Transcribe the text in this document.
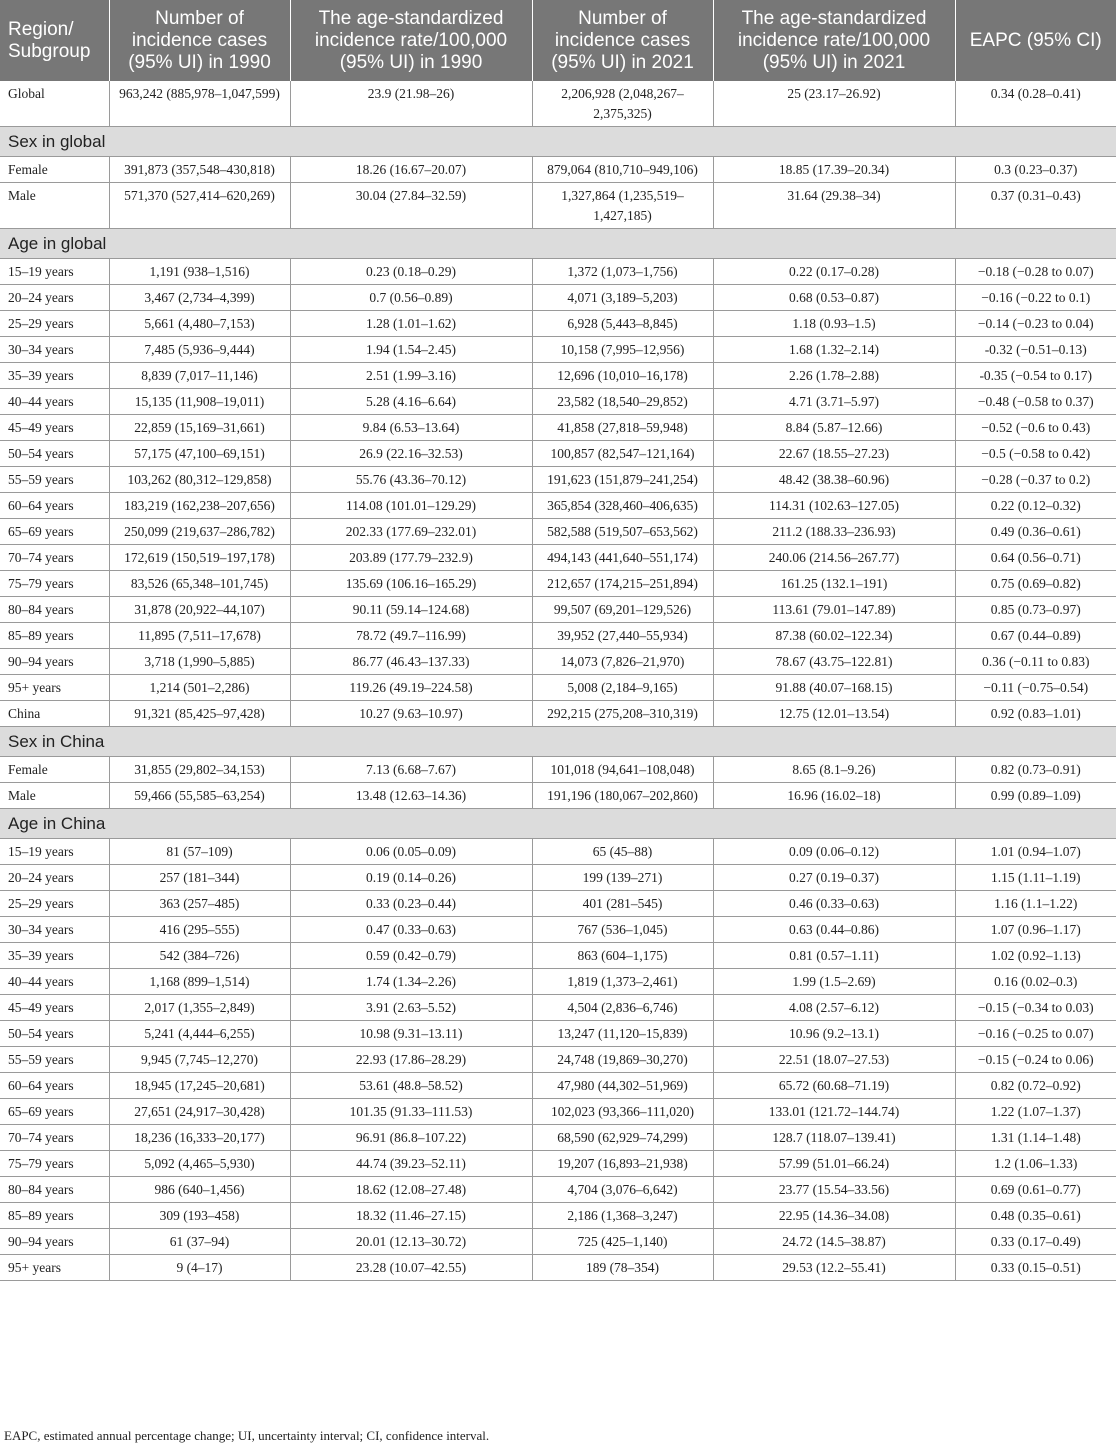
Region/ Subgroup	Number of incidence cases (95% UI) in 1990	The age-standardized incidence rate/100,000 (95% UI) in 1990	Number of incidence cases (95% UI) in 2021	The age-standardized incidence rate/100,000 (95% UI) in 2021	EAPC (95% CI)
Global	963,242 (885,978–1,047,599)	23.9 (21.98–26)	2,206,928 (2,048,267–2,375,325)	25 (23.17–26.92)	0.34 (0.28–0.41)
Sex in global					
Female	391,873 (357,548–430,818)	18.26 (16.67–20.07)	879,064 (810,710–949,106)	18.85 (17.39–20.34)	0.3 (0.23–0.37)
Male	571,370 (527,414–620,269)	30.04 (27.84–32.59)	1,327,864 (1,235,519–1,427,185)	31.64 (29.38–34)	0.37 (0.31–0.43)
Age in global					
15–19 years	1,191 (938–1,516)	0.23 (0.18–0.29)	1,372 (1,073–1,756)	0.22 (0.17–0.28)	−0.18 (−0.28 to 0.07)
20–24 years	3,467 (2,734–4,399)	0.7 (0.56–0.89)	4,071 (3,189–5,203)	0.68 (0.53–0.87)	−0.16 (−0.22 to 0.1)
25–29 years	5,661 (4,480–7,153)	1.28 (1.01–1.62)	6,928 (5,443–8,845)	1.18 (0.93–1.5)	−0.14 (−0.23 to 0.04)
30–34 years	7,485 (5,936–9,444)	1.94 (1.54–2.45)	10,158 (7,995–12,956)	1.68 (1.32–2.14)	-0.32 (−0.51–0.13)
35–39 years	8,839 (7,017–11,146)	2.51 (1.99–3.16)	12,696 (10,010–16,178)	2.26 (1.78–2.88)	-0.35 (−0.54 to 0.17)
40–44 years	15,135 (11,908–19,011)	5.28 (4.16–6.64)	23,582 (18,540–29,852)	4.71 (3.71–5.97)	−0.48 (−0.58 to 0.37)
45–49 years	22,859 (15,169–31,661)	9.84 (6.53–13.64)	41,858 (27,818–59,948)	8.84 (5.87–12.66)	−0.52 (−0.6 to 0.43)
50–54 years	57,175 (47,100–69,151)	26.9 (22.16–32.53)	100,857 (82,547–121,164)	22.67 (18.55–27.23)	−0.5 (−0.58 to 0.42)
55–59 years	103,262 (80,312–129,858)	55.76 (43.36–70.12)	191,623 (151,879–241,254)	48.42 (38.38–60.96)	−0.28 (−0.37 to 0.2)
60–64 years	183,219 (162,238–207,656)	114.08 (101.01–129.29)	365,854 (328,460–406,635)	114.31 (102.63–127.05)	0.22 (0.12–0.32)
65–69 years	250,099 (219,637–286,782)	202.33 (177.69–232.01)	582,588 (519,507–653,562)	211.2 (188.33–236.93)	0.49 (0.36–0.61)
70–74 years	172,619 (150,519–197,178)	203.89 (177.79–232.9)	494,143 (441,640–551,174)	240.06 (214.56–267.77)	0.64 (0.56–0.71)
75–79 years	83,526 (65,348–101,745)	135.69 (106.16–165.29)	212,657 (174,215–251,894)	161.25 (132.1–191)	0.75 (0.69–0.82)
80–84 years	31,878 (20,922–44,107)	90.11 (59.14–124.68)	99,507 (69,201–129,526)	113.61 (79.01–147.89)	0.85 (0.73–0.97)
85–89 years	11,895 (7,511–17,678)	78.72 (49.7–116.99)	39,952 (27,440–55,934)	87.38 (60.02–122.34)	0.67 (0.44–0.89)
90–94 years	3,718 (1,990–5,885)	86.77 (46.43–137.33)	14,073 (7,826–21,970)	78.67 (43.75–122.81)	0.36 (−0.11 to 0.83)
95+ years	1,214 (501–2,286)	119.26 (49.19–224.58)	5,008 (2,184–9,165)	91.88 (40.07–168.15)	−0.11 (−0.75–0.54)
China	91,321 (85,425–97,428)	10.27 (9.63–10.97)	292,215 (275,208–310,319)	12.75 (12.01–13.54)	0.92 (0.83–1.01)
Sex in China					
Female	31,855 (29,802–34,153)	7.13 (6.68–7.67)	101,018 (94,641–108,048)	8.65 (8.1–9.26)	0.82 (0.73–0.91)
Male	59,466 (55,585–63,254)	13.48 (12.63–14.36)	191,196 (180,067–202,860)	16.96 (16.02–18)	0.99 (0.89–1.09)
Age in China					
15–19 years	81 (57–109)	0.06 (0.05–0.09)	65 (45–88)	0.09 (0.06–0.12)	1.01 (0.94–1.07)
20–24 years	257 (181–344)	0.19 (0.14–0.26)	199 (139–271)	0.27 (0.19–0.37)	1.15 (1.11–1.19)
25–29 years	363 (257–485)	0.33 (0.23–0.44)	401 (281–545)	0.46 (0.33–0.63)	1.16 (1.1–1.22)
30–34 years	416 (295–555)	0.47 (0.33–0.63)	767 (536–1,045)	0.63 (0.44–0.86)	1.07 (0.96–1.17)
35–39 years	542 (384–726)	0.59 (0.42–0.79)	863 (604–1,175)	0.81 (0.57–1.11)	1.02 (0.92–1.13)
40–44 years	1,168 (899–1,514)	1.74 (1.34–2.26)	1,819 (1,373–2,461)	1.99 (1.5–2.69)	0.16 (0.02–0.3)
45–49 years	2,017 (1,355–2,849)	3.91 (2.63–5.52)	4,504 (2,836–6,746)	4.08 (2.57–6.12)	−0.15 (−0.34 to 0.03)
50–54 years	5,241 (4,444–6,255)	10.98 (9.31–13.11)	13,247 (11,120–15,839)	10.96 (9.2–13.1)	−0.16 (−0.25 to 0.07)
55–59 years	9,945 (7,745–12,270)	22.93 (17.86–28.29)	24,748 (19,869–30,270)	22.51 (18.07–27.53)	−0.15 (−0.24 to 0.06)
60–64 years	18,945 (17,245–20,681)	53.61 (48.8–58.52)	47,980 (44,302–51,969)	65.72 (60.68–71.19)	0.82 (0.72–0.92)
65–69 years	27,651 (24,917–30,428)	101.35 (91.33–111.53)	102,023 (93,366–111,020)	133.01 (121.72–144.74)	1.22 (1.07–1.37)
70–74 years	18,236 (16,333–20,177)	96.91 (86.8–107.22)	68,590 (62,929–74,299)	128.7 (118.07–139.41)	1.31 (1.14–1.48)
75–79 years	5,092 (4,465–5,930)	44.74 (39.23–52.11)	19,207 (16,893–21,938)	57.99 (51.01–66.24)	1.2 (1.06–1.33)
80–84 years	986 (640–1,456)	18.62 (12.08–27.48)	4,704 (3,076–6,642)	23.77 (15.54–33.56)	0.69 (0.61–0.77)
85–89 years	309 (193–458)	18.32 (11.46–27.15)	2,186 (1,368–3,247)	22.95 (14.36–34.08)	0.48 (0.35–0.61)
90–94 years	61 (37–94)	20.01 (12.13–30.72)	725 (425–1,140)	24.72 (14.5–38.87)	0.33 (0.17–0.49)
95+ years	9 (4–17)	23.28 (10.07–42.55)	189 (78–354)	29.53 (12.2–55.41)	0.33 (0.15–0.51)
EAPC, estimated annual percentage change; UI, uncertainty interval; CI, confidence interval.
